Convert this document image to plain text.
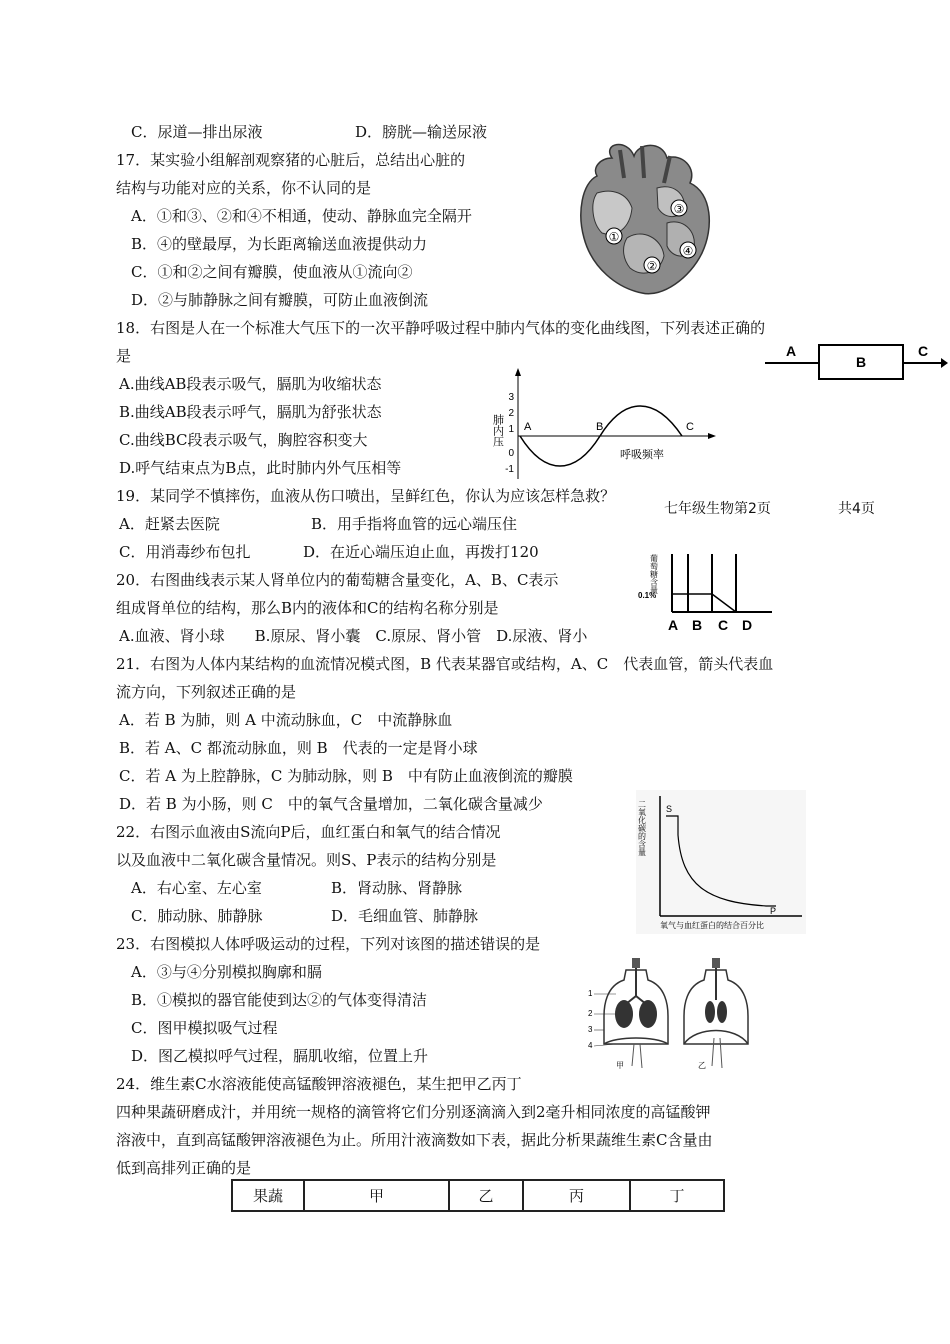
C．尿道—排出尿液	D．膀胱—输送尿液
17．某实验小组解剖观察猪的心脏后，总结出心脏的
结构与功能对应的关系，你不认同的是
A．①和③、②和④不相通，使动、静脉血完全隔开
B．④的壁最厚，为长距离输送血液提供动力
C．①和②之间有瓣膜，使血液从①流向②
D．②与肺静脉之间有瓣膜，可防止血液倒流
18．右图是人在一个标准大气压下的一次平静呼吸过程中肺内气体的变化曲线图，下列表述正确的
是
A.曲线AB段表示吸气，膈肌为收缩状态
B.曲线AB段表示呼气，膈肌为舒张状态
C.曲线BC段表示吸气，胸腔容积变大
D.呼气结束点为B点，此时肺内外气压相等
19．某同学不慎摔伤，血液从伤口喷出，呈鲜红色，你认为应该怎样急救？
A．赶紧去医院	B．用手指将血管的远心端压住
C．用消毒纱布包扎	D．在近心端压迫止血，再拨打120
20．右图曲线表示某人肾单位内的葡萄糖含量变化，A、B、C表示
组成肾单位的结构，那么B内的液体和C的结构名称分别是
A.血液、肾小球　　B.原尿、肾小囊　C.原尿、肾小管　D.尿液、肾小
21．右图为人体内某结构的血流情况模式图，B 代表某器官或结构，A、C　代表血管，箭头代表血
流方向，下列叙述正确的是
A．若 B 为肺，则 A 中流动脉血，C　中流静脉血
B．若 A、C 都流动脉血，则 B　代表的一定是肾小球
C．若 A 为上腔静脉，C 为肺动脉，则 B　中有防止血液倒流的瓣膜
D．若 B 为小肠，则 C　中的氧气含量增加，二氧化碳含量减少
22．右图示血液由S流向P后，血红蛋白和氧气的结合情况
以及血液中二氧化碳含量情况。则S、P表示的结构分别是
A．右心室、左心室	B．肾动脉、肾静脉
C．肺动脉、肺静脉	D．毛细血管、肺静脉
23．右图模拟人体呼吸运动的过程，下列对该图的描述错误的是
A．③与④分别模拟胸廓和膈
B．①模拟的器官能使到达②的气体变得清洁
C．图甲模拟吸气过程
D．图乙模拟呼气过程，膈肌收缩，位置上升
24．维生素C水溶液能使高锰酸钾溶液褪色，某生把甲乙丙丁
四种果蔬研磨成汁，并用统一规格的滴管将它们分别逐滴滴入到2毫升相同浓度的高锰酸钾
溶液中，直到高锰酸钾溶液褪色为止。所用汁液滴数如下表，据此分析果蔬维生素C含量由
低到高排列正确的是
七年级生物第2页	共4页
①
②
③
④
A
B
C
3
2
1
0
-1
肺内压 A	B	C
呼吸频率
葡萄糖含量
0.1%
A B C D
二氧化碳的含量 S
P
氧气与血红蛋白的结合百分比
1
2
3
4
甲	乙
果蔬	甲	乙	丙	丁
